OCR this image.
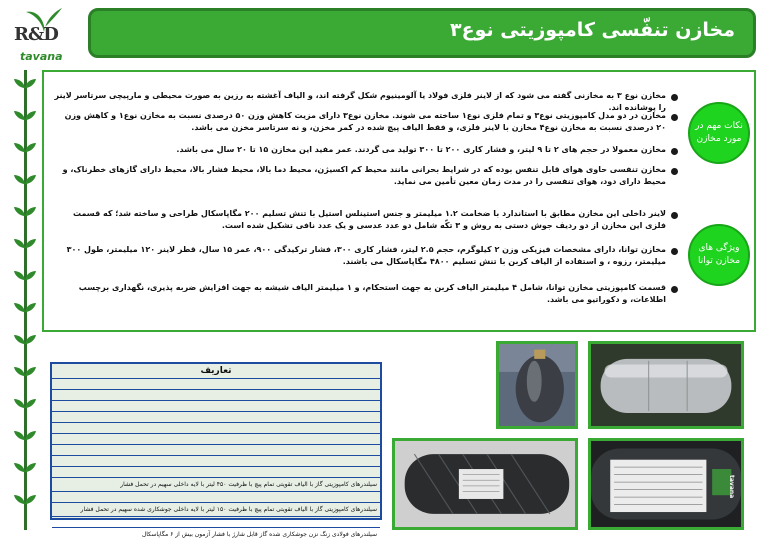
R&D
tavana
مخازن تنفّسی کامپوزیتی نوع۳
نکات مهم در مورد مخازن
ویژگی های مخازن توانا
مخازن نوع ۳ به مخازنی گفته می شود که از لاینر فلزی فولاد یا آلومینیوم شکل گرفته اند، و الیاف آغشته به رزین به صورت محیطی و مارپیچی سرتاسر لاینر را پوشانده اند.
مخازن در دو مدل کامپوزیتی نوع۳ و تمام فلزی نوع۱ ساخته می شوند. مخازن نوع۳ دارای مزیت کاهش وزن ۵۰ درصدی نسبت به مخازن نوع۱ و کاهش وزن ۲۰ درصدی نسبت به مخازن نوع۴ مخازن با لاینر فلزی، و فقط الیاف پیچ شده در کمر مخزن، و نه سرتاسر مخزن می باشد.
مخازن معمولا در حجم های ۲ تا ۹ لیتر، و فشار کاری ۲۰۰ تا ۳۰۰ تولید می گردند. عمر مفید این مخازن ۱۵ تا ۲۰ سال می باشد.
مخازن تنفسی حاوی هوای قابل تنفس بوده که در شرایط بحرانی مانند محیط کم اکسیژن، محیط دما بالا، محیط فشار بالا، محیط دارای گازهای خطرناک، و محیط دارای دود، هوای تنفسی را در مدت زمان معین تأمین می نماید.
لاینر داخلی این مخازن مطابق با استاندارد با ضخامت ۱.۲ میلیمتر و جنس استینلس استیل با تنش تسلیم ۲۰۰ مگاپاسکال طراحی و ساخته شد؛ که قسمت فلزی این مخازن از دو ردیف جوش دستی به روش و ۳ تکّه شامل دو عدد عدسی و یک عدد نافی تشکیل شده است.
مخازن توانا، دارای مشخصات فیزیکی وزن ۲ کیلوگرم، حجم ۲.۵ لیتر، فشار کاری ۳۰۰، فشار ترکیدگی ۹۰۰، عمر ۱۵ سال، قطر لاینر ۱۲۰ میلیمتر، طول ۳۰۰ میلیمتر، رزوه ، و استفاده از الیاف کربن با تنش تسلیم ۴۸۰۰ مگاپاسکال می باشند.
قسمت کامپوزیتی مخازن توانا، شامل ۴ میلیمتر الیاف کربن به جهت استحکام، و ۱ میلیمتر الیاف شیشه به جهت افزایش ضربه پذیری، نگهداری برچسب اطلاعات، و دکوراتیو می باشد.
تعاریف
سیلندرهای کامپوزیتی گاز با الیاف تقویتی تمام پیچ با ظرفیت ۴۵۰ لیتر با لایه داخلی سهیم در تحمل فشار
سیلندرهای کامپوزیتی گاز با الیاف تقویتی تمام پیچ با ظرفیت ۱۵۰ لیتر با لایه داخلی جوشکاری شده سهیم در تحمل فشار
سیلندرهای فولادی زنگ نزن جوشکاری شده گاز قابل شارژ با فشار آزمون بیش از ۶ مگاپاسکال
tavana
